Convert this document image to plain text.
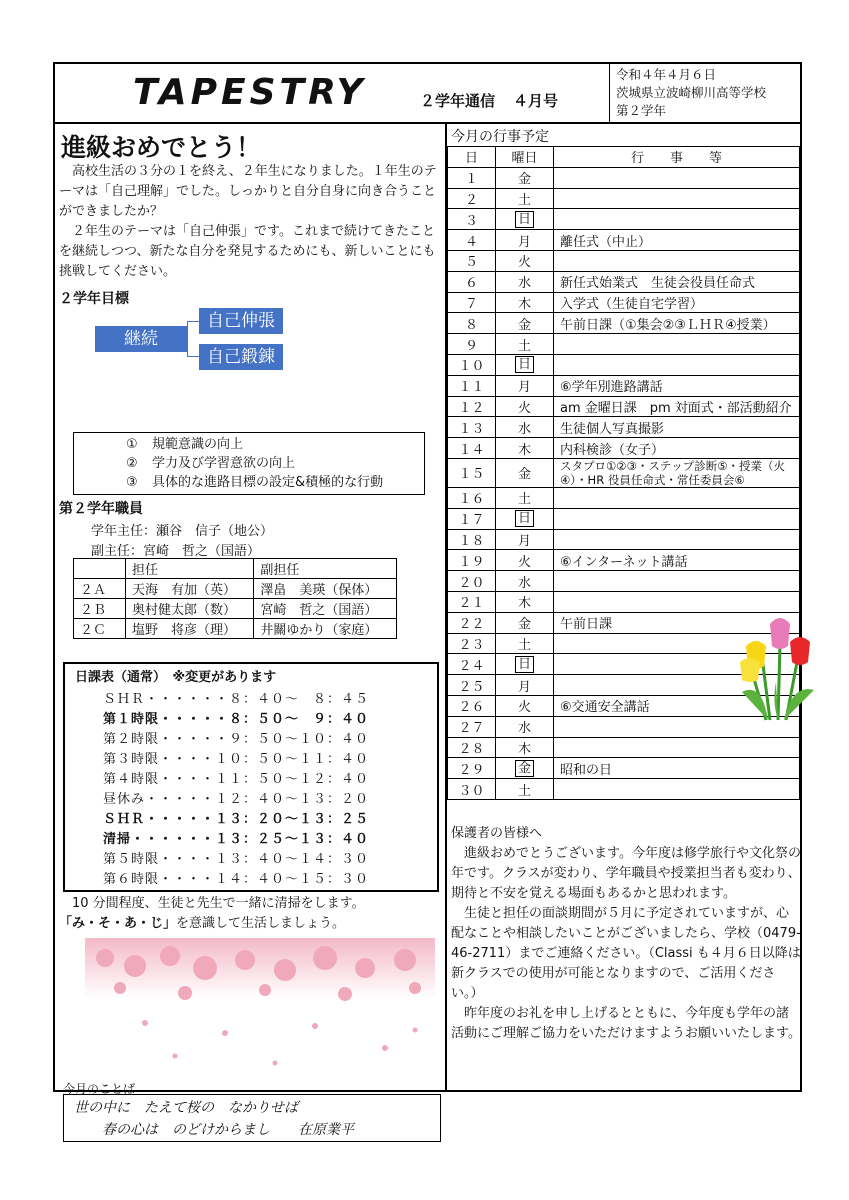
TAPESTRY	２学年通信 ４月号
令和４年４月６日
茨城県立波崎柳川高等学校
第２学年
進級おめでとう！
高校生活の３分の１を終え、２年生になりました。１年生のテーマは「自己理解」でした。しっかりと自分自身に向き合うことができましたか？
２年生のテーマは「自己伸張」です。これまで続けてきたことを継続しつつ、新たな自分を発見するためにも、新しいことにも挑戦してください。
２学年目標
継続
自己伸張
自己鍛錬
① 規範意識の向上
② 学力及び学習意欲の向上
③ 具体的な進路目標の設定&積極的な行動
第２学年職員
学年主任：瀬谷　信子（地公）
副主任：宮崎　哲之（国語）
	担任	副担任
２Ａ	天海　有加（英）	澤畠　美瑛（保体）
２Ｂ	奥村健太郎（数）	宮崎　哲之（国語）
２Ｃ	塩野　将彦（理）	井關ゆかり（家庭）
日課表（通常）　※変更があります
ＳＨＲ・・・・・・８：４０～　８：４５
第１時限・・・・・８：５０～　９：４０
第２時限・・・・・９：５０～１０：４０
第３時限・・・・１０：５０～１１：４０
第４時限・・・・１１：５０～１２：４０
昼休み・・・・・１２：４０～１３：２０
ＳＨＲ・・・・・１３：２０～１３：２５
清掃・・・・・・１３：２５～１３：４０
第５時限・・・・１３：４０～１４：３０
第６時限・・・・１４：４０～１５：３０
10 分間程度、生徒と先生で一緒に清掃をします。
「み・そ・あ・じ」を意識して生活しましょう。
今月のことば
世の中に　たえて桜の　なかりせば
　　春の心は　のどけからまし　　在原業平
今月の行事予定
日	曜日	行　　事　　等
１	金	
２	土	
３	日	
４	月	離任式（中止）
５	火	
６	水	新任式始業式　生徒会役員任命式
７	木	入学式（生徒自宅学習）
８	金	午前日課（①集会②③ＬＨＲ④授業）
９	土	
１０	日	
１１	月	⑥学年別進路講話
１２	火	am 金曜日課　pm 対面式・部活動紹介
１３	水	生徒個人写真撮影
１４	木	内科検診（女子）
１５	金	スタプロ①②③・ステップ診断⑤・授業（火④）・HR 役員任命式・常任委員会⑥
１６	土	
１７	日	
１８	月	
１９	火	⑥インターネット講話
２０	水	
２１	木	
２２	金	午前日課
２３	土	
２４	日	
２５	月	
２６	火	⑥交通安全講話
２７	水	
２８	木	
２９	金	昭和の日
３０	土	
保護者の皆様へ

進級おめでとうございます。今年度は修学旅行や文化祭の年です。クラスが変わり、学年職員や授業担当者も変わり、期待と不安を覚える場面もあるかと思われます。

生徒と担任の面談期間が５月に予定されていますが、心配なことや相談したいことがございましたら、学校（0479-46-2711）までご連絡ください。（Classi も４月６日以降は新クラスでの使用が可能となりますので、ご活用ください。）

昨年度のお礼を申し上げるとともに、今年度も学年の諸活動にご理解ご協力をいただけますようお願いいたします。
